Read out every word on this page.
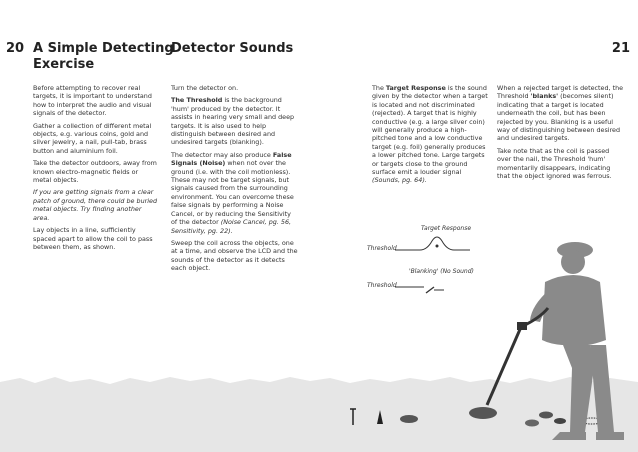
20 A Simple Detecting
Exercise

Before attempting to recover real targets, it is important to understand how to interpret the audio and visual signals of the detector.

Gather a collection of different metal objects, e.g. various coins, gold and silver jewelry, a nail, pull-tab, brass button and aluminium foil.

Take the detector outdoors, away from known electro-magnetic fields or metal objects.

If you are getting signals from a clear patch of ground, there could be buried metal objects. Try finding another area.

Lay objects in a line, sufficiently spaced apart to allow the coil to pass between them, as shown.

Detector Sounds

Turn the detector on.

The Threshold is the background 'hum' produced by the detector. It assists in hearing very small and deep targets. It is also used to help distinguish between desired and undesired targets (blanking).

The detector may also produce False Signals (Noise) when not over the ground (i.e. with the coil motionless). These may not be target signals, but signals caused from the surrounding environment. You can overcome these false signals by performing a Noise Cancel, or by reducing the Sensitivity of the detector (Noise Cancel, pg. 56, Sensitivity, pg. 22).

Sweep the coil across the objects, one at a time, and observe the LCD and the sounds of the detector as it detects each object.

21

The Target Response is the sound given by the detector when a target is located and not discriminated (rejected). A target that is highly conductive (e.g. a large silver coin) will generally produce a high-pitched tone and a low conductive target (e.g. foil) generally produces a lower pitched tone. Large targets or targets close to the ground surface emit a louder signal (Sounds, pg. 64).

When a rejected target is detected, the Threshold 'blanks' (becomes silent) indicating that a target is located underneath the coil, but has been rejected by you. Blanking is a useful way of distinguishing between desired and undesired targets.

Take note that as the coil is passed over the nail, the Threshold 'hum' momentarily disappears, indicating that the object ignored was ferrous.

Target Response
Threshold
'Blanking' (No Sound)
Threshold
